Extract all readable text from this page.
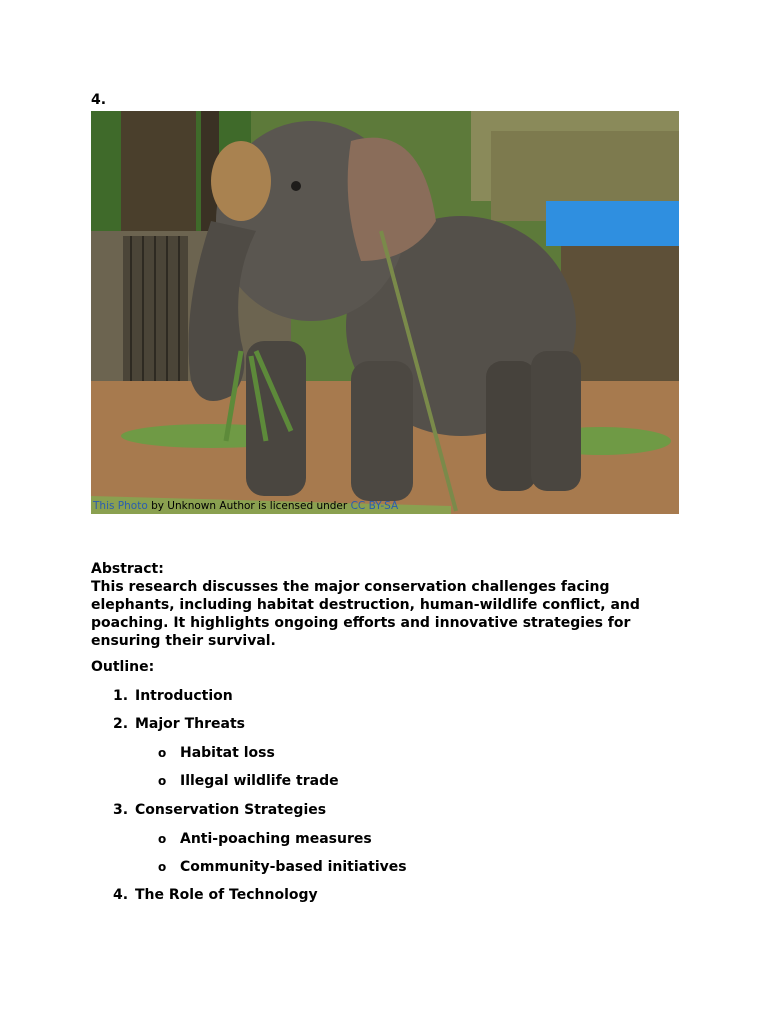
4.
This Photo by Unknown Author is licensed under CC BY-SA
Abstract:
This research discusses the major conservation challenges facing elephants, including habitat destruction, human-wildlife conflict, and poaching. It highlights ongoing efforts and innovative strategies for ensuring their survival.
Outline:
1. Introduction
2. Major Threats
o Habitat loss
o Illegal wildlife trade
3. Conservation Strategies
o Anti-poaching measures
o Community-based initiatives
4. The Role of Technology
